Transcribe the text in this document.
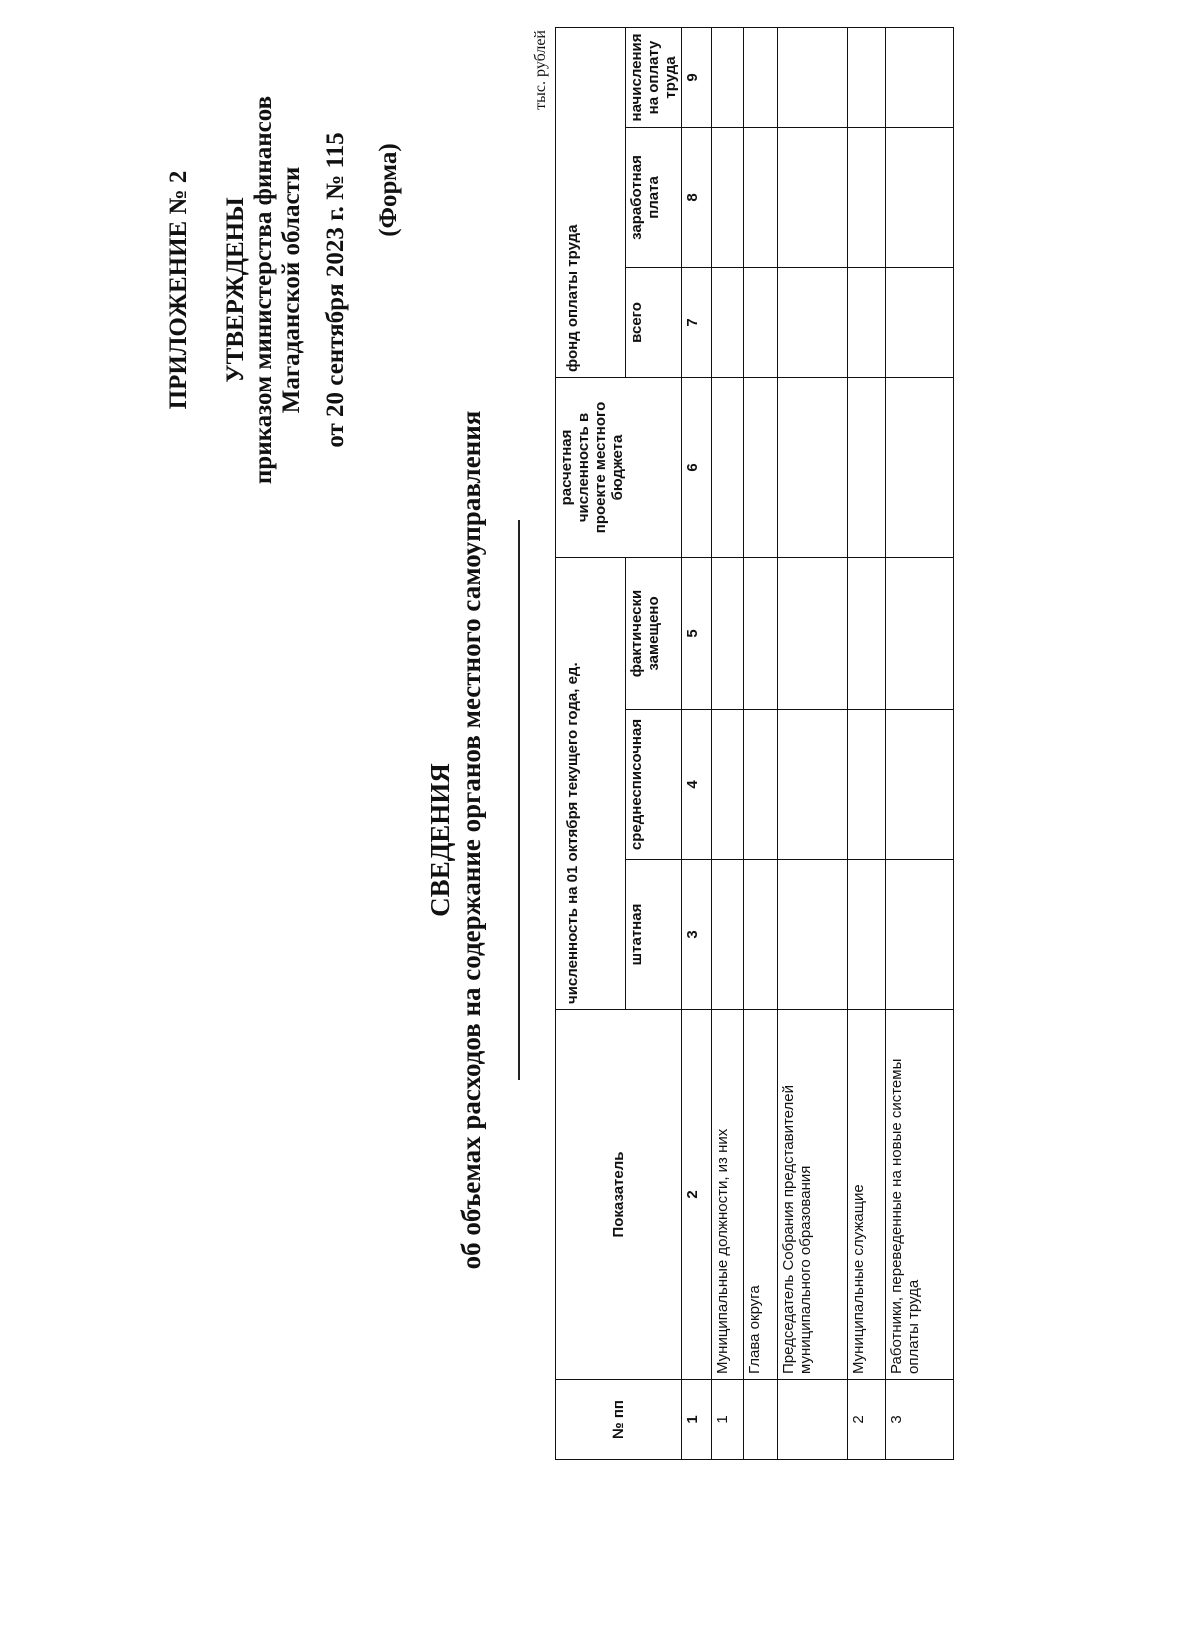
ПРИЛОЖЕНИЕ № 2 УТВЕРЖДЕНЫ приказом министерства финансов Магаданской области от 20 сентября 2023 г. № 115 (Форма)
СВЕДЕНИЯ об объемах расходов на содержание органов местного самоуправления
тыс. рублей
№ пп	Показатель	численность на 01 октября текущего года, ед.			расчетная численность в проекте местного бюджета	фонд оплаты труда		
		штатная	среднесписочная	фактически замещено		всего	заработная плата	начисления на оплату труда
1	2	3	4	5	6	7	8	9
1	Муниципальные должности, из них							
	Глава округа							
	Председатель Собрания представителей муниципального образования							
2	Муниципальные служащие							
3	Работники, переведенные на новые системы оплаты труда							
